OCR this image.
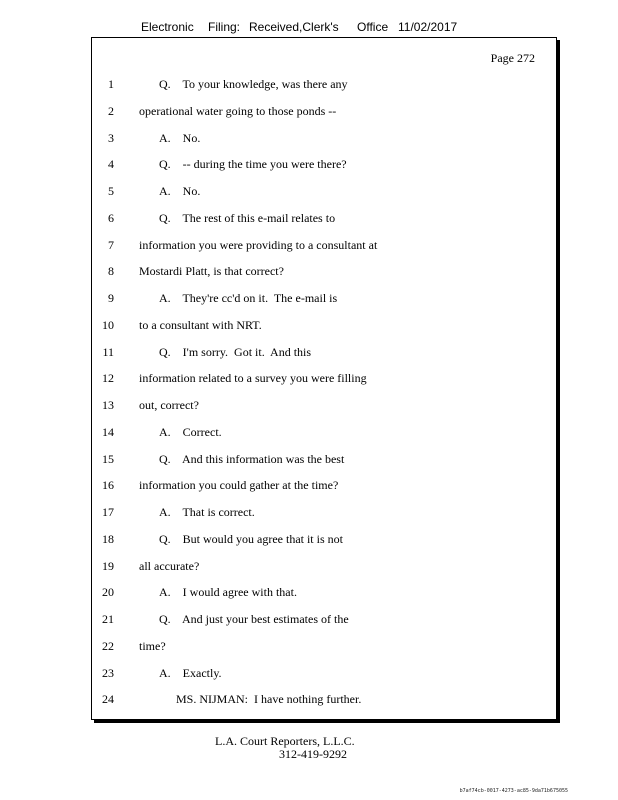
Electronic Filing: Received,Clerk's Office 11/02/2017
Page 272
1	Q.    To your knowledge, was there any
2 operational water going to those ponds --
3	A.    No.
4	Q.    -- during the time you were there?
5	A.    No.
6	Q.    The rest of this e-mail relates to
7 information you were providing to a consultant at
8 Mostardi Platt, is that correct?
9	A.    They're cc'd on it.  The e-mail is
10 to a consultant with NRT.
11	Q.    I'm sorry.  Got it.  And this
12 information related to a survey you were filling
13 out, correct?
14	A.    Correct.
15	Q.    And this information was the best
16 information you could gather at the time?
17	A.    That is correct.
18	Q.    But would you agree that it is not
19 all accurate?
20	A.    I would agree with that.
21	Q.    And just your best estimates of the
22 time?
23	A.    Exactly.
24	MS. NIJMAN:  I have nothing further.
L.A. Court Reporters, L.L.C.
312-419-9292
b7af74cb-0017-4273-ac85-9da71b675055
